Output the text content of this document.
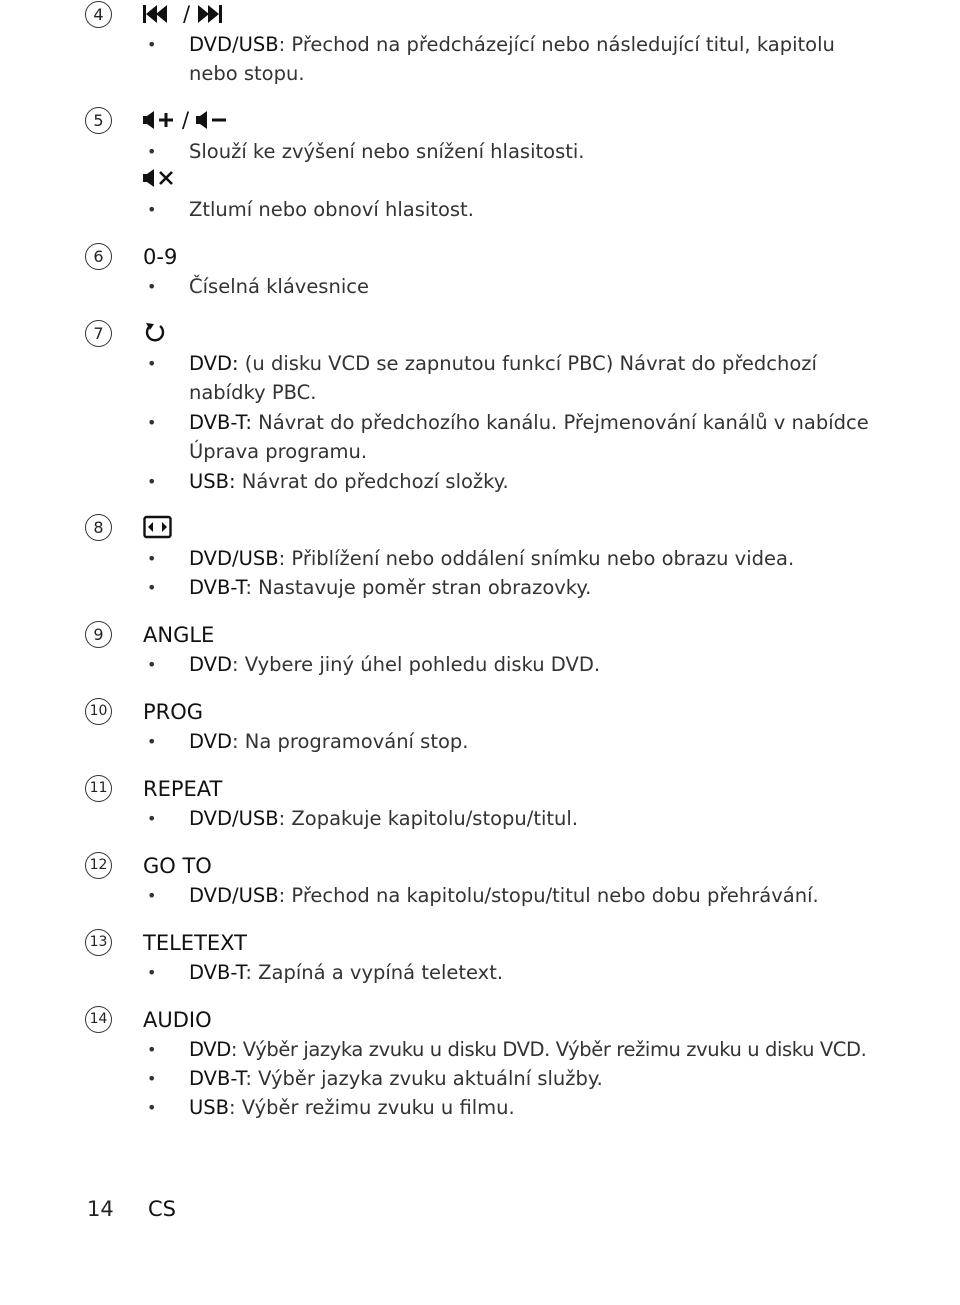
4	/
• DVD/USB: Přechod na předcházející nebo následující titul, kapitolu nebo stopu.
5	/
• Slouží ke zvýšení nebo snížení hlasitosti.
• Ztlumí nebo obnoví hlasitost.
6	0-9
• Číselná klávesnice
7
• DVD: (u disku VCD se zapnutou funkcí PBC) Návrat do předchozí nabídky PBC.
• DVB-T: Návrat do předchozího kanálu. Přejmenování kanálů v nabídce Úprava programu.
• USB: Návrat do předchozí složky.
8
• DVD/USB: Přiblížení nebo oddálení snímku nebo obrazu videa.
• DVB-T: Nastavuje poměr stran obrazovky.
9	ANGLE
• DVD: Vybere jiný úhel pohledu disku DVD.
10 PROG
• DVD: Na programování stop.
11 REPEAT
• DVD/USB: Zopakuje kapitolu/stopu/titul.
12 GO TO
• DVD/USB: Přechod na kapitolu/stopu/titul nebo dobu přehrávání.
13 TELETEXT
• DVB-T: Zapíná a vypíná teletext.
14 AUDIO
• DVD: Výběr jazyka zvuku u disku DVD. Výběr režimu zvuku u disku VCD.
• DVB-T: Výběr jazyka zvuku aktuální služby.
• USB: Výběr režimu zvuku u filmu.
14 CS
